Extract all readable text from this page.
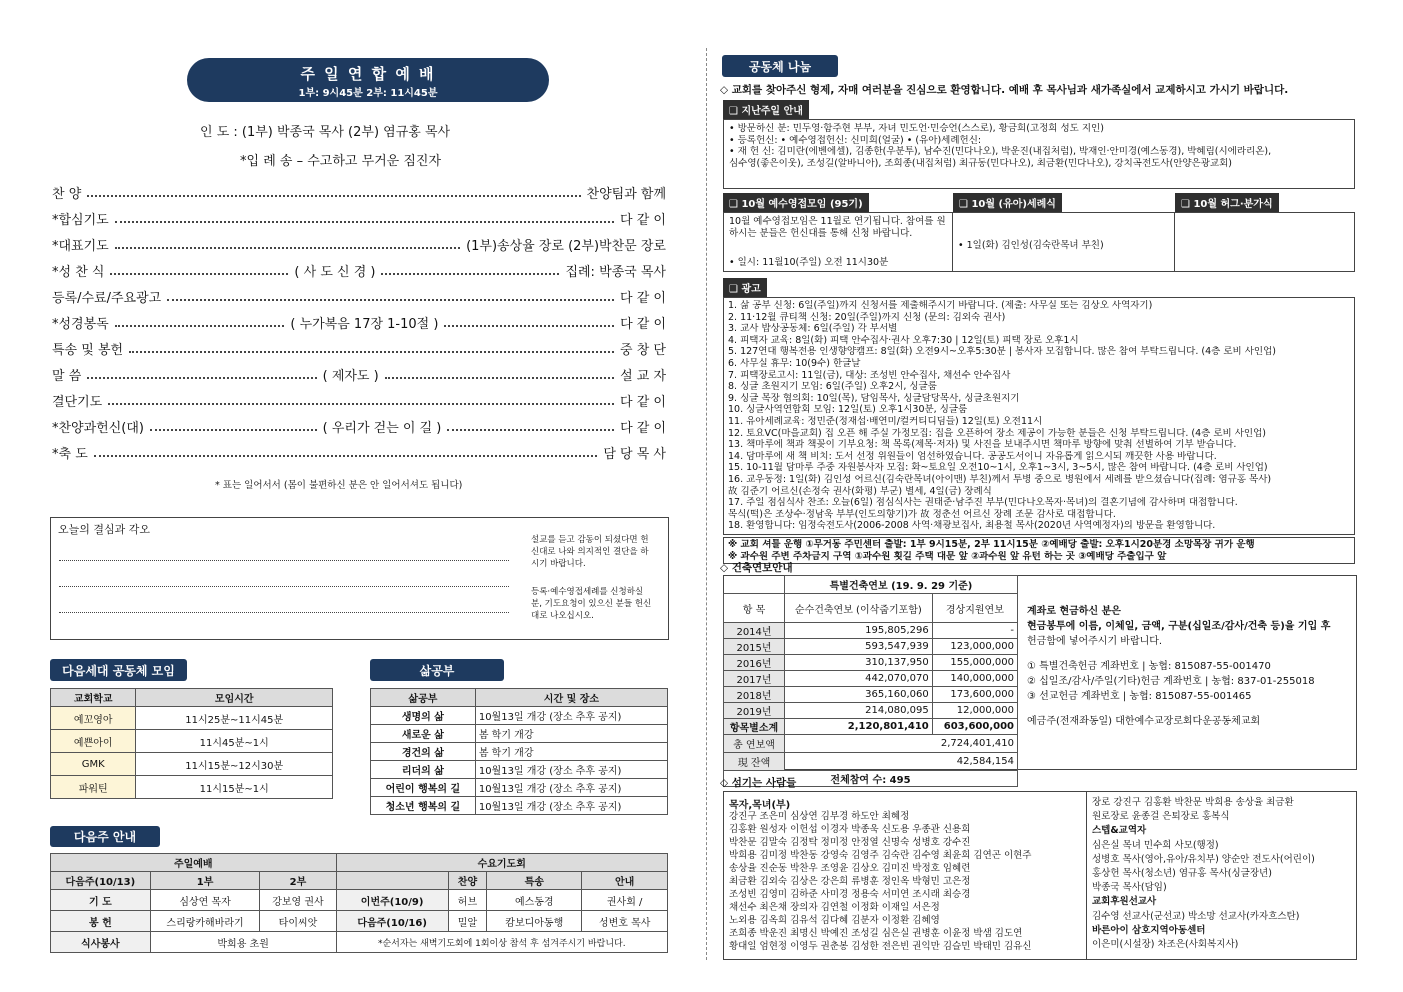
주 일 연 합 예 배
1부: 9시45분 2부: 11시45분
인 도 : (1부) 박종국 목사 (2부) 염규홍 목사
*입 례 송 – 수고하고 무거운 짐진자
찬 양	찬양팀과 함께
*합심기도	다 같 이
*대표기도	(1부)송상율 장로 (2부)박찬문 장로
*성 찬 식	( 사 도 신 경 )	집례: 박종국 목사
등록/수료/주요광고	다 같 이
*성경봉독	( 누가복음 17장 1-10절 )	다 같 이
특송 및 봉헌	중 창 단
말 씀	( 제자도 )	설 교 자
결단기도	다 같 이
*찬양과헌신(대)	( 우리가 걷는 이 길 )	다 같 이
*축 도	담 당 목 사
* 표는 일어서서 (몸이 불편하신 분은 안 일어서셔도 됩니다)
오늘의 결심과 각오
설교를 듣고 감동이 되셨다면 헌신대로 나와 의지적인 결단을 하시기 바랍니다.
등록·예수영접세례를 신청하실 분, 기도요청이 있으신 분들 헌신대로 나오십시오.
다음세대 공동체 모임
교회학교	모임시간
예꼬영아	11시25분~11시45분
예쁜아이	11시45분~1시
GMK	11시15분~12시30분
파워틴	11시15분~1시
삶공부
삶공부	시간 및 장소
생명의 삶	10월13일 개강 (장소 추후 공지)
새로운 삶	봄 학기 개강
경건의 삶	봄 학기 개강
리더의 삶	10월13일 개강 (장소 추후 공지)
어린이 행복의 길	10월13일 개강 (장소 추후 공지)
청소년 행복의 길	10월13일 개강 (장소 추후 공지)
다음주 안내
주일예배			수요기도회			
다음주(10/13)	1부	2부		찬양	특송	안내
기 도	심상연 목자	강보영 권사	이번주(10/9)	허브	예스동경	권사회 /
봉 헌	스리랑카해바라기	타이씨앗	다음주(10/16)	밀알	캄보디아동행	성변호 목사
식사봉사	박희용 초원		*순서자는 새벽기도회에 1회이상 참석 후 섬겨주시기 바랍니다.			
공동체 나눔
◇ 교회를 찾아주신 형제, 자매 여러분을 진심으로 환영합니다. 예배 후 목사님과 새가족실에서 교제하시고 가시기 바랍니다.
❑ 지난주일 안내
• 방문하신 분: 민두영·함주현 부부, 자녀 민도언·민승언(스스로), 황금희(고정희 성도 지인)
• 등록헌신: • 예수영접헌신: 신미희(얼굴) • (유아)세례헌신:
• 재 헌 신: 김미란(에벤에셀), 김종한(우분투), 남수진(민다나오), 박운진(내집처럼), 박재인·안미경(예스동경), 박혜림(시에라리온),
심수영(좋은이웃), 조성길(알바니아), 조희종(내집처럼) 최규동(민다나오), 최금환(민다나오), 강치곡전도사(안양은광교회)
❑ 10월 예수영접모임 (95기)	❑ 10월 (유아)세례식	❑ 10월 허그·분가식
10월 예수영접모임은 11월로 연기됩니다. 참여를 원하시는 분들은 헌신대를 통해 신청 바랍니다.
• 일시: 11월10(주일) 오전 11시30분
• 1일(화) 김인성(김숙란목녀 부친)
❑ 광고
1. 삶 공부 신청: 6일(주일)까지 신청서를 제출해주시기 바랍니다. (제출: 사무실 또는 김상오 사역자기)
2. 11·12월 큐티책 신청: 20일(주일)까지 신청 (문의: 김외숙 권사)
3. 교사 밥상공동체: 6일(주일) 각 부서별
4. 피택자 교육: 8일(화) 피택 안수집사·권사 오후7:30 | 12일(토) 피택 장로 오후1시
5. 127연대 행복전용 인생향양캠프: 8일(화) 오전9시~오후5:30분 | 봉사자 모집합니다. 많은 참여 부탁드립니다. (4층 로비 사인업)
6. 사무실 휴무: 10(9수) 한글날
7. 피택장로고시: 11일(금), 대상: 조성빈 안수집사, 채선수 안수집사
8. 싱글 초원지기 모임: 6일(주일) 오후2시, 싱글룸
9. 싱글 목장 협의회: 10일(목), 담임목사, 싱글담당목사, 싱글초원지기
10. 싱글사역연합회 모임: 12일(토) 오후1시30분, 싱글룸
11. 유아세례교육: 정민준(정재섭·배연미/컬커티디딤들) 12일(토) 오전11시
12. 토요VC(마을교회) 집 오픈 해 주실 가정모집: 집을 오픈하여 장소 제공이 가능한 분들은 신청 부탁드립니다. (4층 로비 사인업)
13. 책마루에 책과 책꽂이 기부요청: 책 목록(제목·저자) 및 사진을 보내주시면 책마루 방향에 맞춰 선별하여 기부 받습니다.
14. 담마루에 새 책 비치: 도서 선정 위원들이 엄선하였습니다. 공공도서이니 자유롭게 읽으시되 깨끗한 사용 바랍니다.
15. 10-11월 담마루 주중 자원봉사자 모집: 화~토요일 오전10~1시, 오후1~3시, 3~5시, 많은 참여 바랍니다. (4층 로비 사인업)
16. 교우동정: 1일(화) 김인성 어르신(김숙란목녀(아이맨) 부친)께서 투병 중으로 병원에서 세례를 받으셨습니다(집례: 염규홍 목사)
故 김준기 어르신(손정숙 권사(화평) 부군) 별세, 4일(금) 장례식
17. 주일 점심식사 찬조: 오늘(6일) 점심식사는 권태준·남주진 부부(민다나오목자·목녀)의 결혼기념에 감사하며 대접합니다.
목식(떡)은 조상수·정남욱 부부(인도의향기)가 故 정춘선 어르신 장례 조문 감사로 대접합니다.
18. 환영합니다: 임정숙전도사(2006-2008 사역·채광보집사, 최용철 목사(2020년 사역예정자)의 방문을 환영합니다.
※ 교회 셔틀 운행 ①무거동 주민센터 출발: 1부 9시15분, 2부 11시15분 ②예배당 출발: 오후1시20분경 소망목장 귀가 운행
※ 과수원 주변 주차금지 구역 ①과수원 횟길 주택 대문 앞 ②과수원 앞 유턴 하는 곳 ③예배당 주출입구 앞
◇ 건축연보안내
	특별건축연보 (19. 9. 29 기준)	
항 목	순수건축연보 (이삭줍기포함)	경상지원연보
2014년	195,805,296	-
2015년	593,547,939	123,000,000
2016년	310,137,950	155,000,000
2017년	442,070,070	140,000,000
2018년	365,160,060	173,600,000
2019년	214,080,095	12,000,000
항목별소계	2,120,801,410	603,600,000
총 연보액	2,724,401,410	
現 잔액	42,584,154	
전체참여 수: 495		
계좌로 현금하신 분은
현금봉투에 이름, 이체일, 금액, 구분(십일조/감사/건축 등)을 기입 후
헌금함에 넣어주시기 바랍니다.
① 특별건축헌금 계좌번호 | 농협: 815087-55-001470
② 십일조/감사/주일(기타)헌금 계좌번호 | 농협: 837-01-255018
③ 선교헌금 계좌번호 | 농협: 815087-55-001465
예금주(전재좌동일) 대한예수교장로회다운공동체교회
◇ 섬기는 사람들
목자,목녀(부)
강진구 조은미 심상연 김부경 하도안 최혜정
김홍환 원성자 이헌섭 이경자 박종욱 신도용 우종관 신용희
박찬문 김말숙 김정탁 정미정 안정열 신명숙 성병호 강수진
박희용 김미정 박찬동 강영숙 김영주 김숙란 김수영 최윤희 김연곤 이현주
송상율 진순동 박찬우 조영윤 김상오 김미진 박정호 임혜련
최금환 김외숙 김상은 강은희 류병훈 정인옥 박형민 고은정
조성빈 김영미 김하준 사미경 정용숙 서미연 조시래 최승경
채선수 최은채 장의자 김연철 이정화 이재일 서은정
노외용 김옥희 김유석 김다혜 김분자 이정환 김혜영
조희종 박운진 최명신 박예진 조성길 심은실 권병훈 이윤정 박샘 김도연
황대일 엄현정 이영두 권춘봉 김성한 전은빈 권익만 김슬민 박태민 김유신
장로 강진구 김홍환 박찬문 박희용 송상율 최금환
원로장로 윤종걸 은퇴장로 홍복식
스텝&교역자
심은실 목녀 민수희 사모(행정)
성병호 목사(영아,유아/유치부) 양순안 전도사(어린이)
홍상헌 목사(청소년) 염규홍 목사(싱글장년)
박종국 목사(담임)
교회후원선교사
김수영 선교사(군선교) 박소망 선교사(카자흐스탄)
바른아이 삼호지역아동센터
이은미(시설장) 차조은(사회복지사)
